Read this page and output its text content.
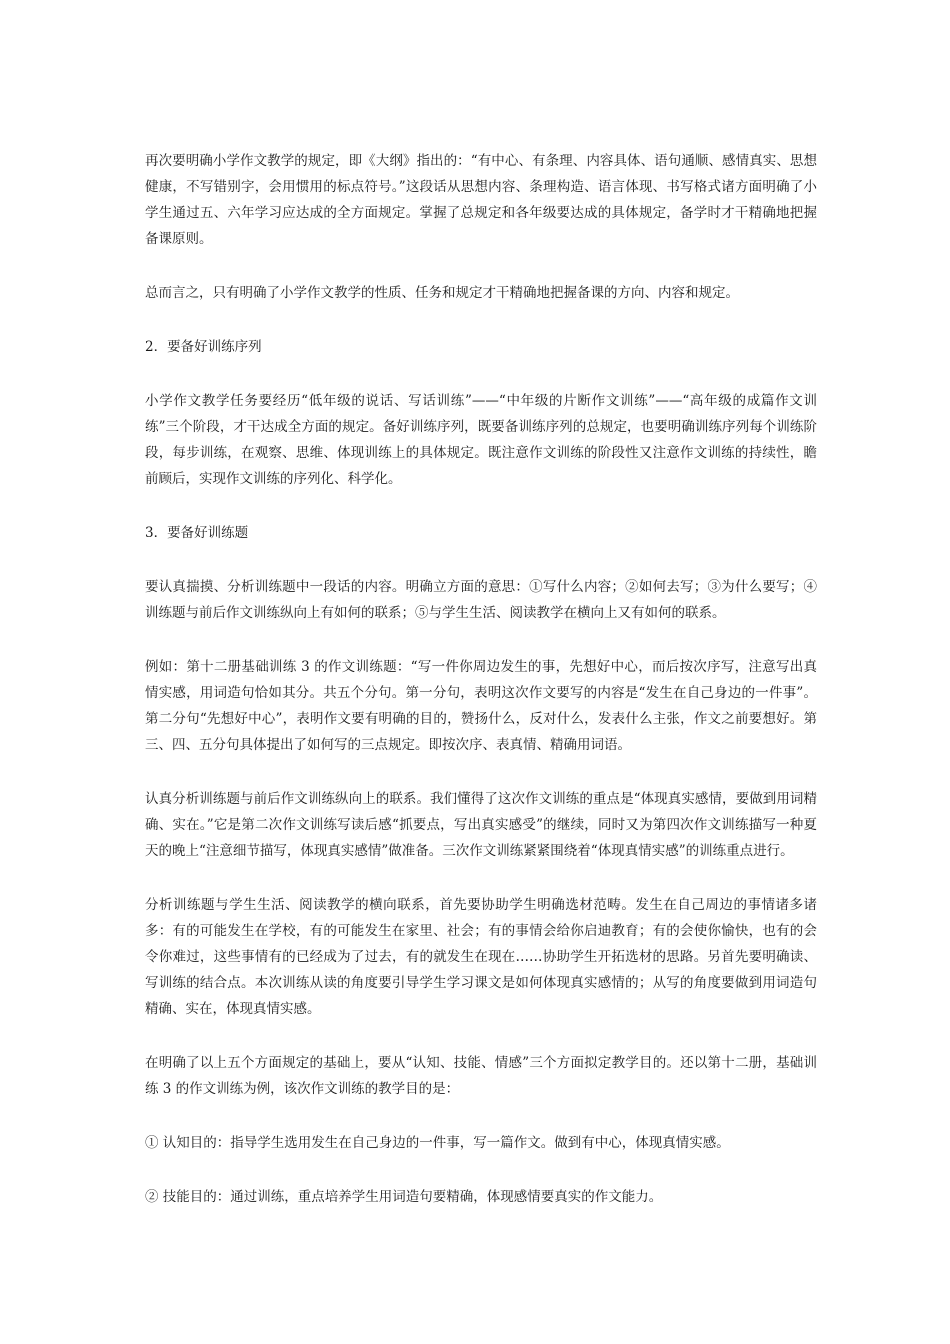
再次要明确小学作文教学的规定，即《大纲》指出的：“有中心、有条理、内容具体、语句通顺、感情真实、思想健康，不写错别字，会用惯用的标点符号。”这段话从思想内容、条理构造、语言体现、书写格式诸方面明确了小学生通过五、六年学习应达成的全方面规定。掌握了总规定和各年级要达成的具体规定，备学时才干精确地把握备课原则。

总而言之，只有明确了小学作文教学的性质、任务和规定才干精确地把握备课的方向、内容和规定。

2．要备好训练序列

小学作文教学任务要经历“低年级的说话、写话训练”——“中年级的片断作文训练”——“高年级的成篇作文训练”三个阶段，才干达成全方面的规定。备好训练序列，既要备训练序列的总规定，也要明确训练序列每个训练阶段，每步训练，在观察、思维、体现训练上的具体规定。既注意作文训练的阶段性又注意作文训练的持续性，瞻前顾后，实现作文训练的序列化、科学化。

3．要备好训练题

要认真揣摸、分析训练题中一段话的内容。明确立方面的意思：①写什么内容；②如何去写；③为什么要写；④训练题与前后作文训练纵向上有如何的联系；⑤与学生生活、阅读教学在横向上又有如何的联系。

例如：第十二册基础训练 3 的作文训练题：“写一件你周边发生的事，先想好中心，而后按次序写，注意写出真情实感，用词造句恰如其分。共五个分句。第一分句，表明这次作文要写的内容是“发生在自己身边的一件事”。第二分句“先想好中心”，表明作文要有明确的目的，赞扬什么，反对什么，发表什么主张，作文之前要想好。第三、四、五分句具体提出了如何写的三点规定。即按次序、表真情、精确用词语。

认真分析训练题与前后作文训练纵向上的联系。我们懂得了这次作文训练的重点是“体现真实感情，要做到用词精确、实在。”它是第二次作文训练写读后感“抓要点，写出真实感受”的继续，同时又为第四次作文训练描写一种夏天的晚上“注意细节描写，体现真实感情”做准备。三次作文训练紧紧围绕着“体现真情实感”的训练重点进行。

分析训练题与学生生活、阅读教学的横向联系，首先要协助学生明确选材范畴。发生在自己周边的事情诸多诸多：有的可能发生在学校，有的可能发生在家里、社会；有的事情会给你启迪教育；有的会使你愉快，也有的会令你难过，这些事情有的已经成为了过去，有的就发生在现在……协助学生开拓选材的思路。另首先要明确读、写训练的结合点。本次训练从读的角度要引导学生学习课文是如何体现真实感情的；从写的角度要做到用词造句精确、实在，体现真情实感。

在明确了以上五个方面规定的基础上，要从“认知、技能、情感”三个方面拟定教学目的。还以第十二册，基础训练 3 的作文训练为例，该次作文训练的教学目的是：

① 认知目的：指导学生选用发生在自己身边的一件事，写一篇作文。做到有中心，体现真情实感。

② 技能目的：通过训练，重点培养学生用词造句要精确，体现感情要真实的作文能力。
